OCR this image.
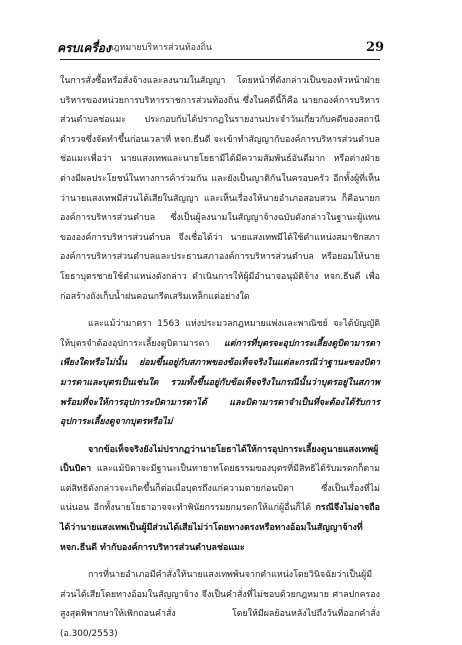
ครบเครื่อง
กฎหมายบริหารส่วนท้องถิ่น	29

ในการสั่งซื้อหรือสั่งจ้างและลงนามในสัญญา โดยหน้าที่ดังกล่าวเป็นของหัวหน้าฝ่ายบริหารของหน่วยการบริหารราชการส่วนท้องถิ่น ซึ่งในคดีนี้ก็คือ นายกองค์การบริหารส่วนตำบลช่อแมะ ประกอบกับได้ปรากฏในรายงานประจำวันเกี่ยวกับคดีของสถานีตำรวจซึ่งจัดทำขึ้นก่อนเวลาที่ หจก.ธีนดี จะเข้าทำสัญญากับองค์การบริหารส่วนตำบลช่อแมะเพื่อว่า นายแสงเทพและนายโยธามีได้มีความสัมพันธ์อันดีมาก หรือต่างฝ่ายต่างมีผลประโยชน์ในทางการค้าร่วมกัน และยังเป็นญาติกันในครอบครัว อีกทั้งผู้ที่เห็นว่านายแสงเทพมีส่วนได้เสียในสัญญา และเห็นเรื่องให้นายอำเภอสอบสวน ก็คือนายกองค์การบริหารส่วนตำบล ซึ่งเป็นผู้ลงนามในสัญญาจ้างฉบับดังกล่าวในฐานะผู้แทนขององค์การบริหารส่วนตำบล จึงเชื่อได้ว่า นายแสงเทพมีได้ใช้ตำแหน่งสมาชิกสภาองค์การบริหารส่วนตำบลและประธานสภาองค์การบริหารส่วนตำบล หรือยอมให้นายโยธาบุตรชายใช้ตำแหน่งดังกล่าว ดำเนินการให้ผู้มีอำนาจอนุมัติจ้าง หจก.ธีนดี เพื่อก่อสร้างถังเก็บน้ำฝนคอนกรีตเสริมเหล็กแต่อย่างใด

และแม้ว่ามาตรา 1563 แห่งประมวลกฎหมายแพ่งและพาณิชย์ จะได้บัญญัติให้บุตรจำต้องอุปการะเลี้ยงดูบิดามารดา แต่การที่บุตรจะอุปการะเลี้ยงดูบิดามารดาเพียงใดหรือไม่นั้น ย่อมขึ้นอยู่กับสภาพของข้อเท็จจริงในแต่ละกรณีว่าฐานะของบิดามารดาและบุตรเป็นเช่นใด รวมทั้งขึ้นอยู่กับข้อเท็จจริงในกรณีนั้นว่าบุตรอยู่ในสภาพพร้อมที่จะให้การอุปการะบิดามารดาได้ และบิดามารดาจำเป็นที่จะต้องได้รับการอุปการะเลี้ยงดูจากบุตรหรือไม่

จากข้อเท็จจริงยังไม่ปรากฏว่านายโยธาได้ให้การอุปการะเลี้ยงดูนายแสงเทพผู้เป็นบิดา และแม้บิดาจะมีฐานะเป็นทายาทโดยธรรมของบุตรที่มีสิทธิได้รับมรดกก็ตาม แต่สิทธิดังกล่าวจะเกิดขึ้นก็ต่อเมื่อบุตรถึงแก่ความตายก่อนบิดา ซึ่งเป็นเรื่องที่ไม่แน่นอน อีกทั้งนายโยธาอาจจะทำพินัยกรรมยกมรดกให้แก่ผู้อื่นก็ได้ กรณีจึงไม่อาจถือได้ว่านายแสงเทพเป็นผู้มีส่วนได้เสียไม่ว่าโดยทางตรงหรือทางอ้อมในสัญญาจ้างที่ หจก.ธีนดี ทำกับองค์การบริหารส่วนตำบลช่อแมะ

การที่นายอำเภอมีคำสั่งให้นายแสงเทพพ้นจากตำแหน่งโดยวินิจฉัยว่าเป็นผู้มีส่วนได้เสียโดยทางอ้อมในสัญญาจ้าง จึงเป็นคำสั่งที่ไม่ชอบด้วยกฎหมาย ศาลปกครองสูงสุดพิพากษาให้เพิกถอนคำสั่ง โดยให้มีผลย้อนหลังไปถึงวันที่ออกคำสั่ง (อ.300/2553)
